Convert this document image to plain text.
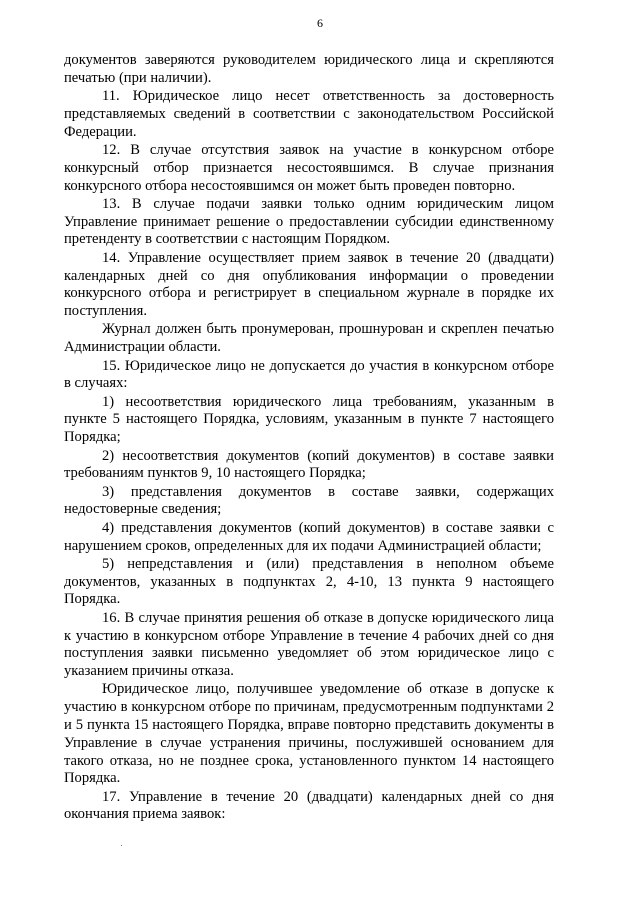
6

документов заверяются руководителем юридического лица и скрепляются печатью (при наличии).

11. Юридическое лицо несет ответственность за достоверность представляемых сведений в соответствии с законодательством Российской Федерации.

12. В случае отсутствия заявок на участие в конкурсном отборе конкурсный отбор признается несостоявшимся. В случае признания конкурсного отбора несостоявшимся он может быть проведен повторно.

13. В случае подачи заявки только одним юридическим лицом Управление принимает решение о предоставлении субсидии единственному претенденту в соответствии с настоящим Порядком.

14. Управление осуществляет прием заявок в течение 20 (двадцати) календарных дней со дня опубликования информации о проведении конкурсного отбора и регистрирует в специальном журнале в порядке их поступления.

Журнал должен быть пронумерован, прошнурован и скреплен печатью Администрации области.

15. Юридическое лицо не допускается до участия в конкурсном отборе в случаях:

1) несоответствия юридического лица требованиям, указанным в пункте 5 настоящего Порядка, условиям, указанным в пункте 7 настоящего Порядка;

2) несоответствия документов (копий документов) в составе заявки требованиям пунктов 9, 10 настоящего Порядка;

3) представления документов в составе заявки, содержащих недостоверные сведения;

4) представления документов (копий документов) в составе заявки с нарушением сроков, определенных для их подачи Администрацией области;

5) непредставления и (или) представления в неполном объеме документов, указанных в подпунктах 2, 4-10, 13 пункта 9 настоящего Порядка.

16. В случае принятия решения об отказе в допуске юридического лица к участию в конкурсном отборе Управление в течение 4 рабочих дней со дня поступления заявки письменно уведомляет об этом юридическое лицо с указанием причины отказа.

Юридическое лицо, получившее уведомление об отказе в допуске к участию в конкурсном отборе по причинам, предусмотренным подпунктами 2 и 5 пункта 15 настоящего Порядка, вправе повторно представить документы в Управление в случае устранения причины, послужившей основанием для такого отказа, но не позднее срока, установленного пунктом 14 настоящего Порядка.

17. Управление в течение 20 (двадцати) календарных дней со дня окончания приема заявок:
